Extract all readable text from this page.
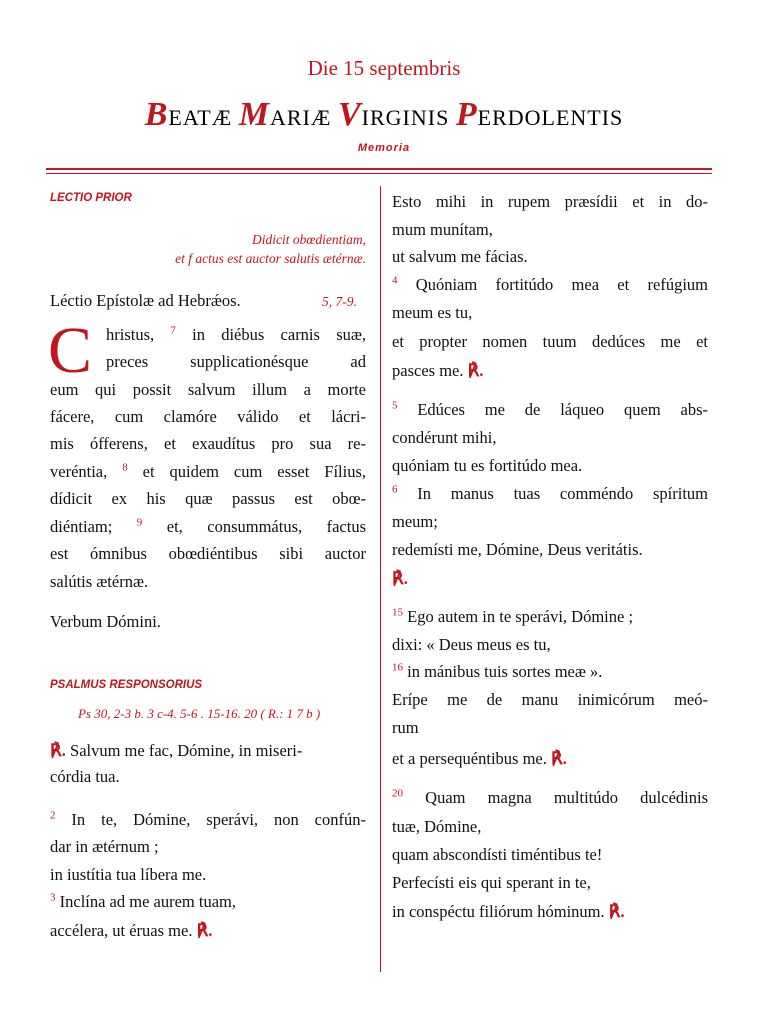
Die 15 septembris
BEATÆ MARIÆ VIRGINIS PERDOLENTIS
Memoria
LECTIO PRIOR
Didicit obœdientiam,
et f actus est auctor salutis ætérnæ.
Léctio Epístolæ ad Hebrǽos.	5, 7-9.
C hristus, $^7$ in diébus carnis suæ,
preces supplicationésque ad
eum qui possit salvum illum a morte
fácere, cum clamóre válido et lácri-
mis ófferens, et exaudítus pro sua re-
veréntia, $^8$ et quidem cum esset Fílius,
dídicit ex his quæ passus est obœ-
diéntiam; $^9$ et, consummátus, factus
est ómnibus obœdiéntibus sibi auctor
salútis ætérnæ.
Verbum Dómini.
PSALMUS RESPONSORIUS
Ps 30, 2-3 b. 3 c-4. 5-6 . 15-16. 20 ( R.: 1 7 b )
℟. Salvum me fac, Dómine, in miseri-
córdia tua.
$^2$ In te, Dómine, sperávi, non confún-
dar in ætérnum ;
in iustítia tua líbera me.
$^3$ Inclína ad me aurem tuam,
accélera, ut éruas me. ℟.
Esto mihi in rupem præsídii et in do-
mum munítam,
ut salvum me fácias.
$^4$ Quóniam fortitúdo mea et refúgium
meum es tu,
et propter nomen tuum dedúces me et
pasces me. ℟.
$^5$ Edúces me de láqueo quem abs-
condérunt mihi,
quóniam tu es fortitúdo mea.
$^6$ In manus tuas comméndo spíritum
meum;
redemísti me, Dómine, Deus veritátis.
℟.
$^{15}$ Ego autem in te sperávi, Dómine ;
dixi: « Deus meus es tu,
$^{16}$ in mánibus tuis sortes meæ ».
Erípe me de manu inimicórum meó-
rum
et a persequéntibus me. ℟.
$^{20}$ Quam magna multitúdo dulcédinis
tuæ, Dómine,
quam abscondísti timéntibus te!
Perfecísti eis qui sperant in te,
in conspéctu filiórum hóminum. ℟.
